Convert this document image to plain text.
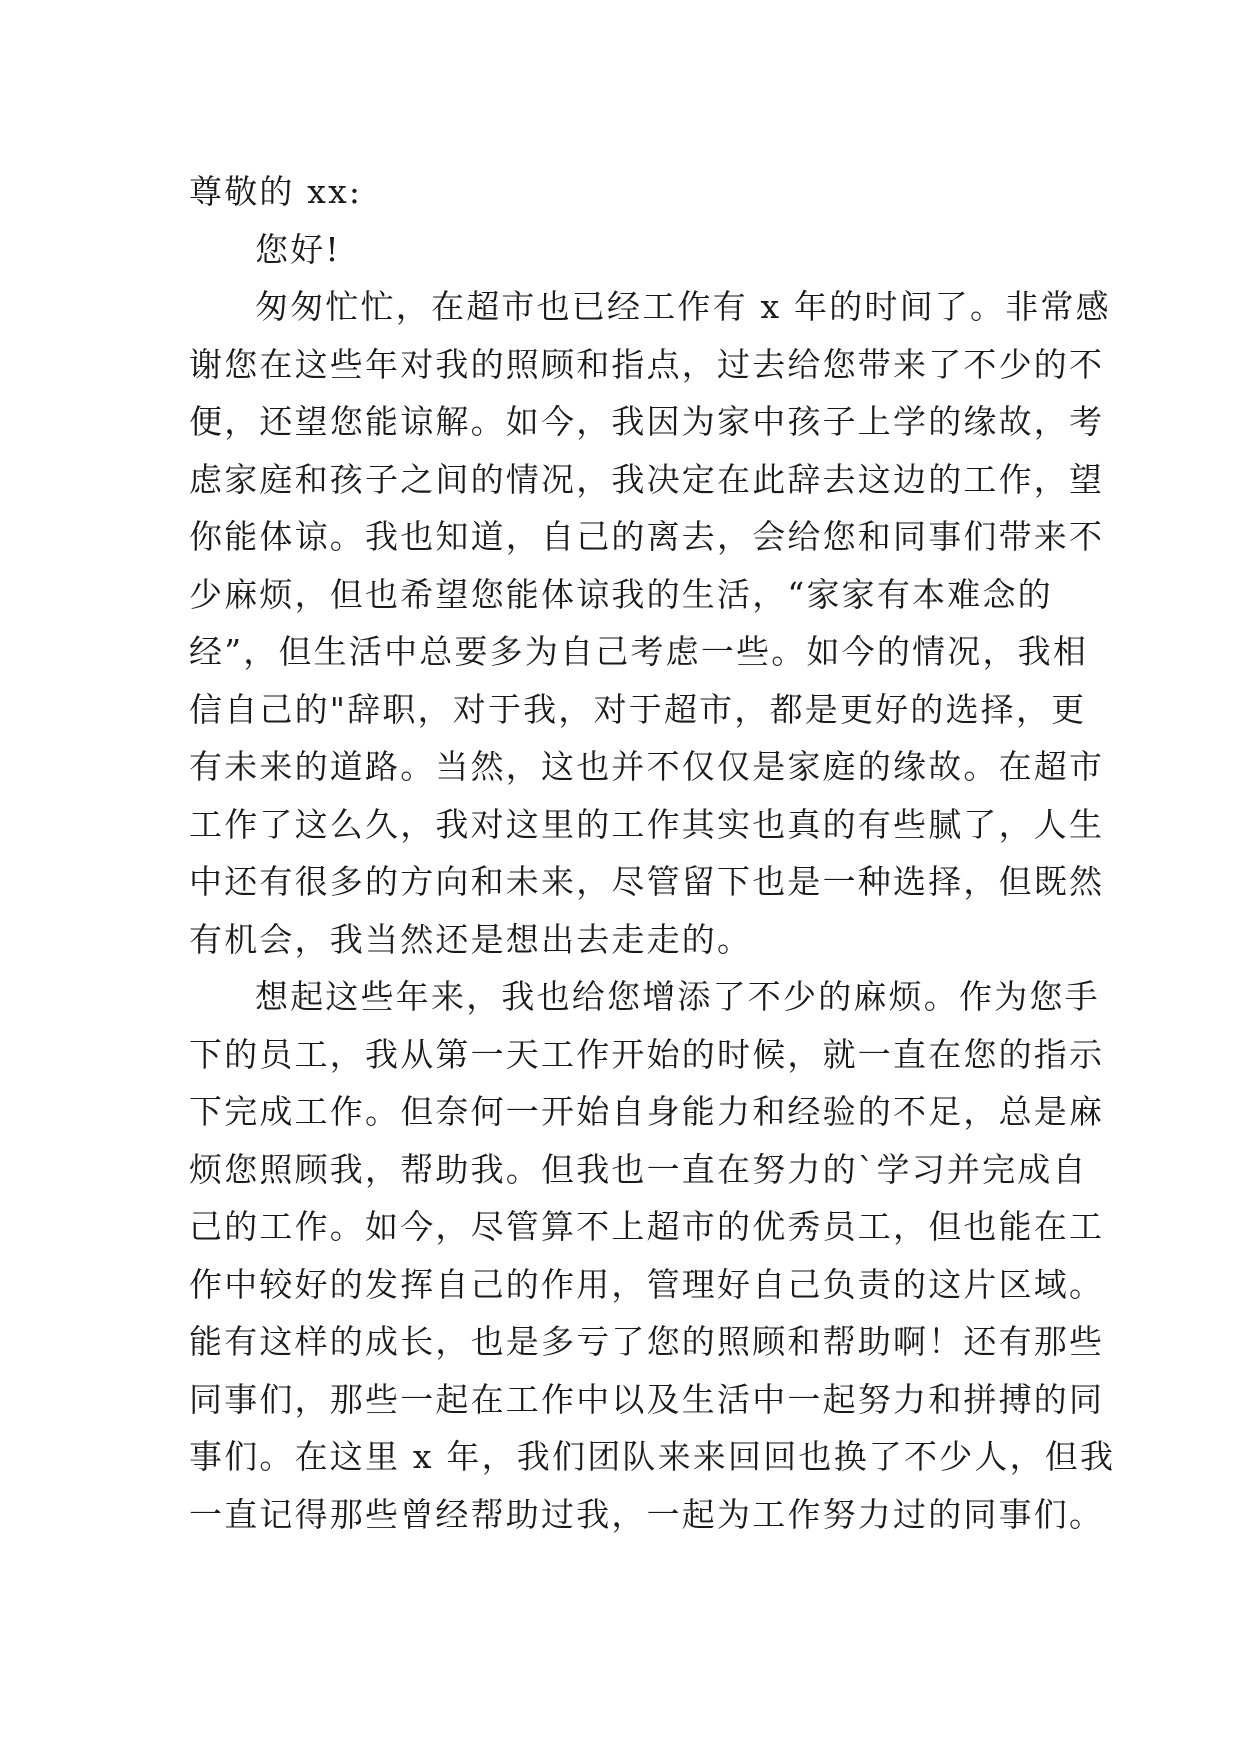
尊敬的 xx:
您好!
匆匆忙忙，在超市也已经工作有 x 年的时间了。非常感
谢您在这些年对我的照顾和指点，过去给您带来了不少的不
便，还望您能谅解。如今，我因为家中孩子上学的缘故，考
虑家庭和孩子之间的情况，我决定在此辞去这边的工作，望
你能体谅。我也知道，自己的离去，会给您和同事们带来不
少麻烦，但也希望您能体谅我的生活，“家家有本难念的
经”，但生活中总要多为自己考虑一些。如今的情况，我相
信自己的"辞职，对于我，对于超市，都是更好的选择，更
有未来的道路。当然，这也并不仅仅是家庭的缘故。在超市
工作了这么久，我对这里的工作其实也真的有些腻了，人生
中还有很多的方向和未来，尽管留下也是一种选择，但既然
有机会，我当然还是想出去走走的。
想起这些年来，我也给您增添了不少的麻烦。作为您手
下的员工，我从第一天工作开始的时候，就一直在您的指示
下完成工作。但奈何一开始自身能力和经验的不足，总是麻
烦您照顾我，帮助我。但我也一直在努力的`学习并完成自
己的工作。如今，尽管算不上超市的优秀员工，但也能在工
作中较好的发挥自己的作用，管理好自己负责的这片区域。
能有这样的成长，也是多亏了您的照顾和帮助啊！还有那些
同事们，那些一起在工作中以及生活中一起努力和拼搏的同
事们。在这里 x 年，我们团队来来回回也换了不少人，但我
一直记得那些曾经帮助过我，一起为工作努力过的同事们。
